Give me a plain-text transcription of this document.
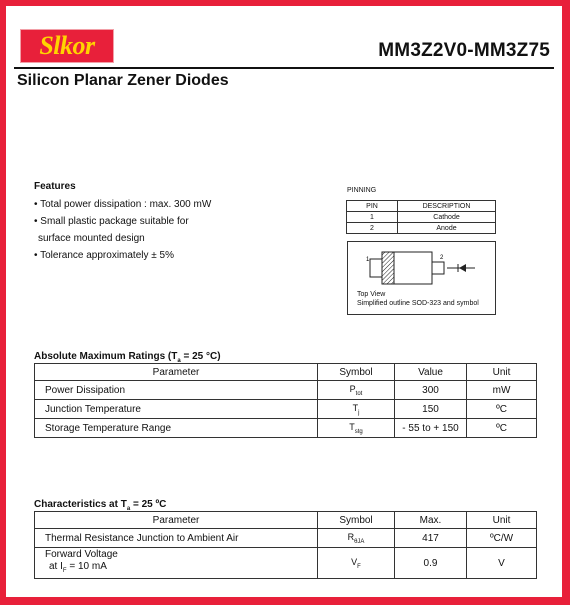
Slkor	MM3Z2V0-MM3Z75
Silicon Planar Zener Diodes
Features
• Total power dissipation : max. 300 mW
• Small plastic package suitable for
surface mounted design
• Tolerance approximately ± 5%
PINNING
PIN	DESCRIPTION
1	Cathode
2	Anode
1	2
Top View
Simplified outline SOD-323 and symbol
Absolute Maximum Ratings ($T_a = 25$ °C)
Parameter	Symbol	Value	Unit
Power Dissipation	$P_{tot}$	300	mW
Junction Temperature	$T_j$	150	ºC
Storage Temperature Range	$T_{stg}$	- 55 to + 150	ºC
Characteristics at $T_a = 25$ ºC
Parameter	Symbol	Max.	Unit
Thermal Resistance Junction to Ambient Air	$R_{\theta JA}$	417	ºC/W

Forward Voltage
at $I_F = 10$ mA	$V_F$	0.9	V
